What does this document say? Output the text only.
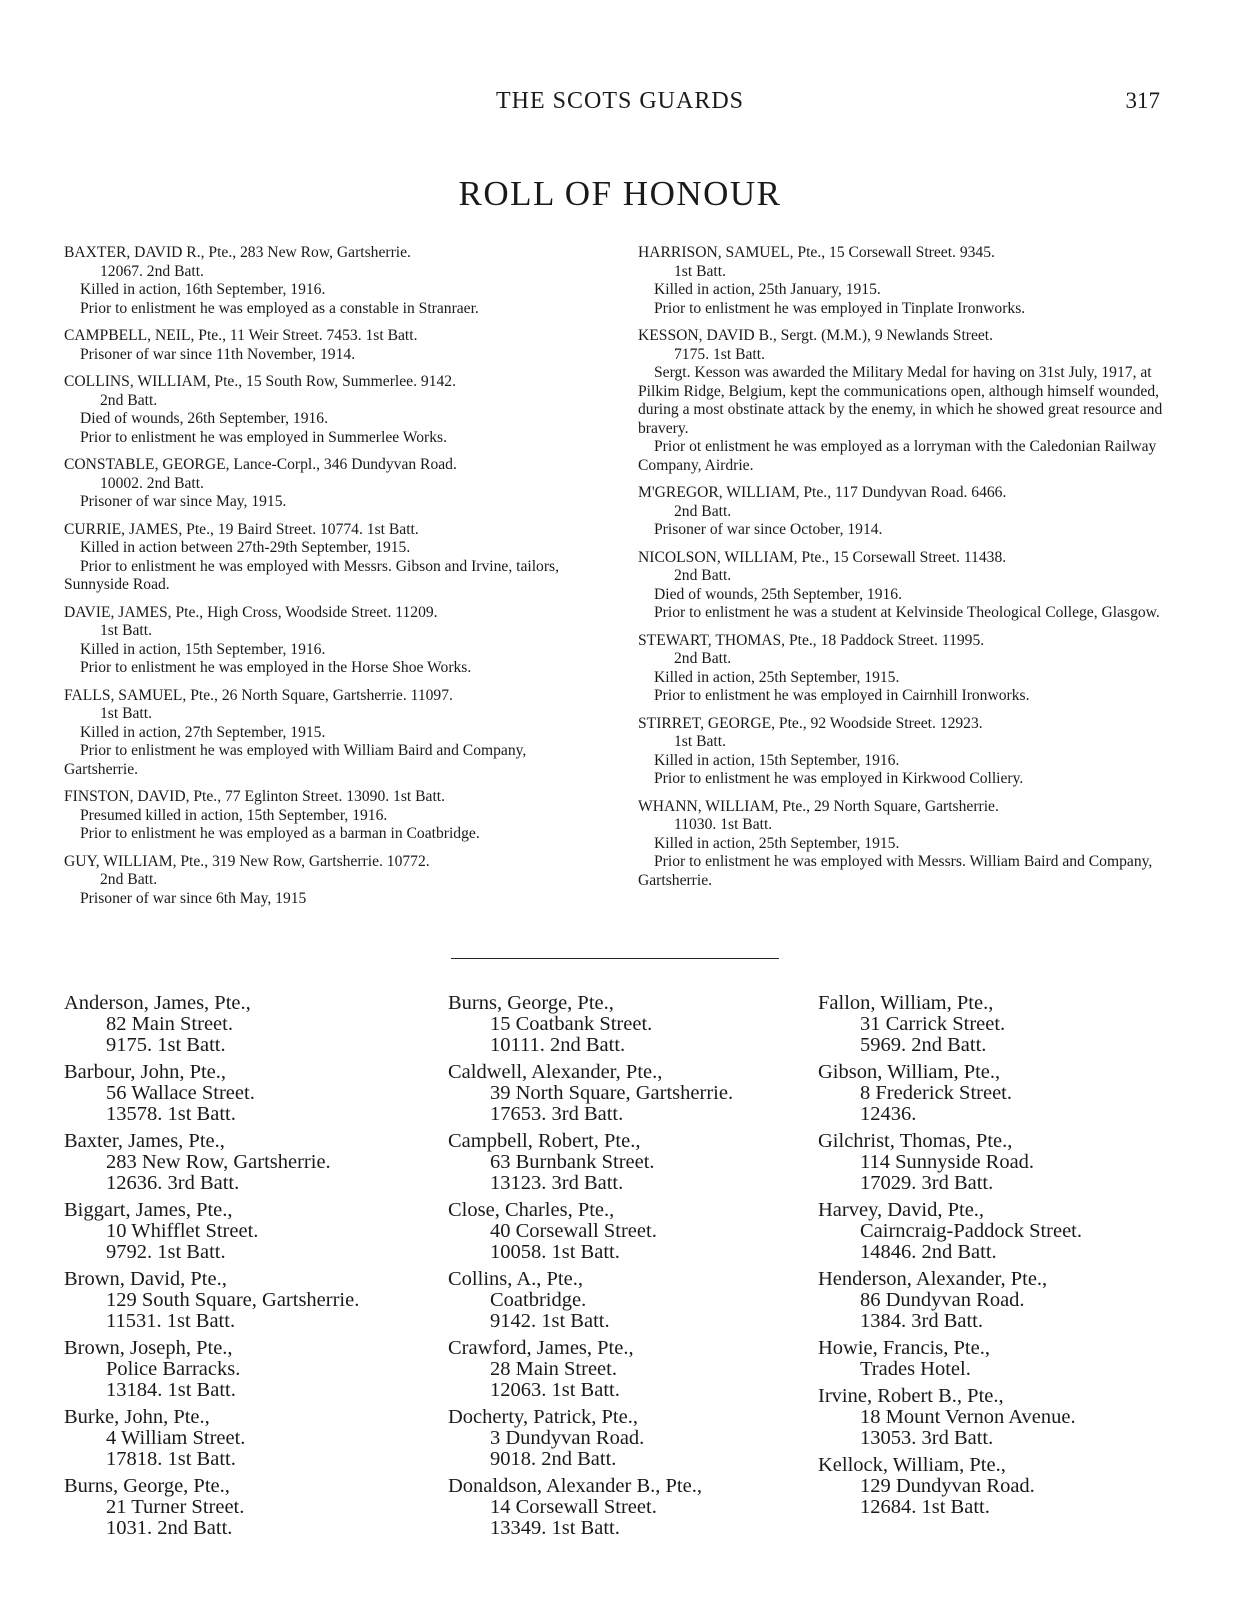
THE SCOTS GUARDS	317
ROLL OF HONOUR

BAXTER, DAVID R., Pte., 283 New Row, Gartsherrie.

12067. 2nd Batt.

Killed in action, 16th September, 1916.

Prior to enlistment he was employed as a constable in Stranraer.

CAMPBELL, NEIL, Pte., 11 Weir Street. 7453. 1st Batt.

Prisoner of war since 11th November, 1914.

COLLINS, WILLIAM, Pte., 15 South Row, Summerlee. 9142.

2nd Batt.

Died of wounds, 26th September, 1916.

Prior to enlistment he was employed in Summerlee Works.

CONSTABLE, GEORGE, Lance-Corpl., 346 Dundyvan Road.

10002. 2nd Batt.

Prisoner of war since May, 1915.

CURRIE, JAMES, Pte., 19 Baird Street. 10774. 1st Batt.

Killed in action between 27th-29th September, 1915.

Prior to enlistment he was employed with Messrs. Gibson and Irvine, tailors, Sunnyside Road.

DAVIE, JAMES, Pte., High Cross, Woodside Street. 11209.

1st Batt.

Killed in action, 15th September, 1916.

Prior to enlistment he was employed in the Horse Shoe Works.

FALLS, SAMUEL, Pte., 26 North Square, Gartsherrie. 11097.

1st Batt.

Killed in action, 27th September, 1915.

Prior to enlistment he was employed with William Baird and Company, Gartsherrie.

FINSTON, DAVID, Pte., 77 Eglinton Street. 13090. 1st Batt.

Presumed killed in action, 15th September, 1916.

Prior to enlistment he was employed as a barman in Coatbridge.

GUY, WILLIAM, Pte., 319 New Row, Gartsherrie. 10772.

2nd Batt.

Prisoner of war since 6th May, 1915

HARRISON, SAMUEL, Pte., 15 Corsewall Street. 9345.

1st Batt.

Killed in action, 25th January, 1915.

Prior to enlistment he was employed in Tinplate Ironworks.

KESSON, DAVID B., Sergt. (M.M.), 9 Newlands Street.

7175. 1st Batt.

Sergt. Kesson was awarded the Military Medal for having on 31st July, 1917, at Pilkim Ridge, Belgium, kept the communications open, although himself wounded, during a most obstinate attack by the enemy, in which he showed great resource and bravery.

Prior ot enlistment he was employed as a lorryman with the Caledonian Railway Company, Airdrie.

M'GREGOR, WILLIAM, Pte., 117 Dundyvan Road. 6466.

2nd Batt.

Prisoner of war since October, 1914.

NICOLSON, WILLIAM, Pte., 15 Corsewall Street. 11438.

2nd Batt.

Died of wounds, 25th September, 1916.

Prior to enlistment he was a student at Kelvinside Theological College, Glasgow.

STEWART, THOMAS, Pte., 18 Paddock Street. 11995.

2nd Batt.

Killed in action, 25th September, 1915.

Prior to enlistment he was employed in Cairnhill Ironworks.

STIRRET, GEORGE, Pte., 92 Woodside Street. 12923.

1st Batt.

Killed in action, 15th September, 1916.

Prior to enlistment he was employed in Kirkwood Colliery.

WHANN, WILLIAM, Pte., 29 North Square, Gartsherrie.

11030. 1st Batt.

Killed in action, 25th September, 1915.

Prior to enlistment he was employed with Messrs. William Baird and Company, Gartsherrie.

Anderson, James, Pte.,

82 Main Street.

9175. 1st Batt.

Barbour, John, Pte.,

56 Wallace Street.

13578. 1st Batt.

Baxter, James, Pte.,

283 New Row, Gartsherrie.

12636. 3rd Batt.

Biggart, James, Pte.,

10 Whifflet Street.

9792. 1st Batt.

Brown, David, Pte.,

129 South Square, Gartsherrie.

11531. 1st Batt.

Brown, Joseph, Pte.,

Police Barracks.

13184. 1st Batt.

Burke, John, Pte.,

4 William Street.

17818. 1st Batt.

Burns, George, Pte.,

21 Turner Street.

1031. 2nd Batt.

Burns, George, Pte.,

15 Coatbank Street.

10111. 2nd Batt.

Caldwell, Alexander, Pte.,

39 North Square, Gartsherrie.

17653. 3rd Batt.

Campbell, Robert, Pte.,

63 Burnbank Street.

13123. 3rd Batt.

Close, Charles, Pte.,

40 Corsewall Street.

10058. 1st Batt.

Collins, A., Pte.,

Coatbridge.

9142. 1st Batt.

Crawford, James, Pte.,

28 Main Street.

12063. 1st Batt.

Docherty, Patrick, Pte.,

3 Dundyvan Road.

9018. 2nd Batt.

Donaldson, Alexander B., Pte.,

14 Corsewall Street.

13349. 1st Batt.

Fallon, William, Pte.,

31 Carrick Street.

5969. 2nd Batt.

Gibson, William, Pte.,

8 Frederick Street.

12436.

Gilchrist, Thomas, Pte.,

114 Sunnyside Road.

17029. 3rd Batt.

Harvey, David, Pte.,

Cairncraig-Paddock Street.

14846. 2nd Batt.

Henderson, Alexander, Pte.,

86 Dundyvan Road.

1384. 3rd Batt.

Howie, Francis, Pte.,

Trades Hotel.

Irvine, Robert B., Pte.,

18 Mount Vernon Avenue.

13053. 3rd Batt.

Kellock, William, Pte.,

129 Dundyvan Road.

12684. 1st Batt.
